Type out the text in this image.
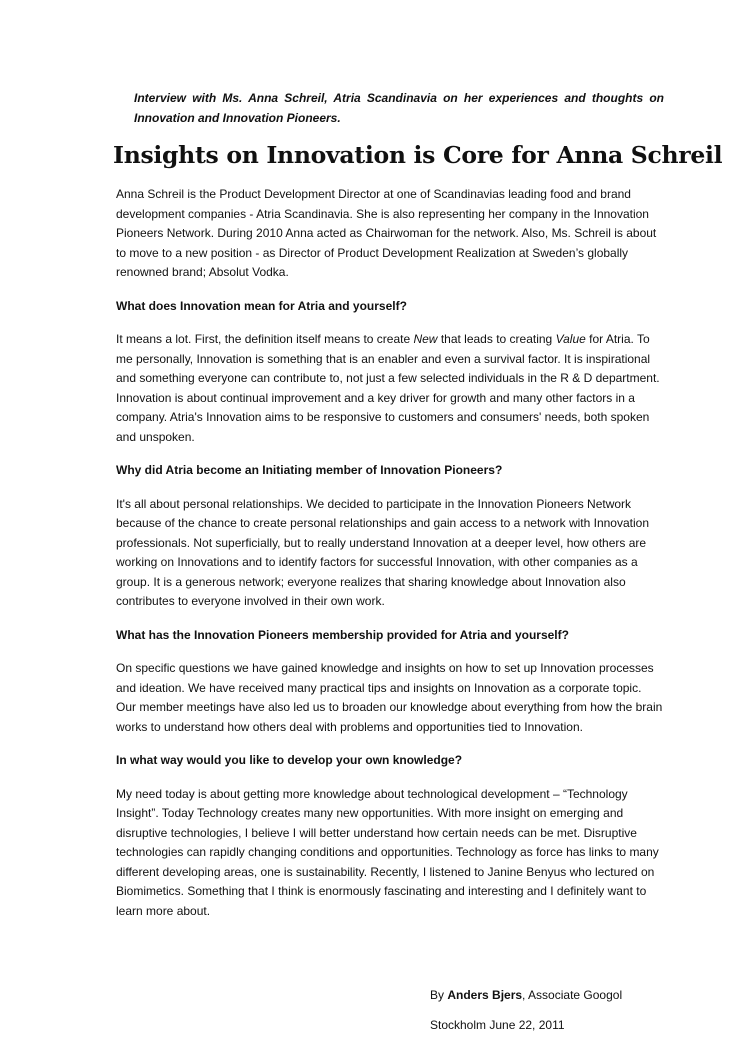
Interview with Ms. Anna Schreil, Atria Scandinavia on her experiences and thoughts on Innovation and Innovation Pioneers.

Insights on Innovation is Core for Anna Schreil

Anna Schreil is the Product Development Director at one of Scandinavias leading food and brand development companies - Atria Scandinavia. She is also representing her company in the Innovation Pioneers Network. During 2010 Anna acted as Chairwoman for the network. Also, Ms. Schreil is about to move to a new position - as Director of Product Development Realization at Sweden’s globally renowned brand; Absolut Vodka.

What does Innovation mean for Atria and yourself?

It means a lot. First, the definition itself means to create New that leads to creating Value for Atria. To me personally, Innovation is something that is an enabler and even a survival factor. It is inspirational and something everyone can contribute to, not just a few selected individuals in the R & D department. Innovation is about continual improvement and a key driver for growth and many other factors in a company. Atria's Innovation aims to be responsive to customers and consumers' needs, both spoken and unspoken.

Why did Atria become an Initiating member of Innovation Pioneers?

It's all about personal relationships. We decided to participate in the Innovation Pioneers Network because of the chance to create personal relationships and gain access to a network with Innovation professionals. Not superficially, but to really understand Innovation at a deeper level, how others are working on Innovations and to identify factors for successful Innovation, with other companies as a group. It is a generous network; everyone realizes that sharing knowledge about Innovation also contributes to everyone involved in their own work.

What has the Innovation Pioneers membership provided for Atria and yourself?

On specific questions we have gained knowledge and insights on how to set up Innovation processes and ideation. We have received many practical tips and insights on Innovation as a corporate topic. Our member meetings have also led us to broaden our knowledge about everything from how the brain works to understand how others deal with problems and opportunities tied to Innovation.

In what way would you like to develop your own knowledge?

My need today is about getting more knowledge about technological development – “Technology Insight”. Today Technology creates many new opportunities. With more insight on emerging and disruptive technologies, I believe I will better understand how certain needs can be met. Disruptive technologies can rapidly changing conditions and opportunities. Technology as force has links to many different developing areas, one is sustainability. Recently, I listened to Janine Benyus who lectured on Biomimetics. Something that I think is enormously fascinating and interesting and I definitely want to learn more about.

By Anders Bjers, Associate Googol

Stockholm June 22, 2011
